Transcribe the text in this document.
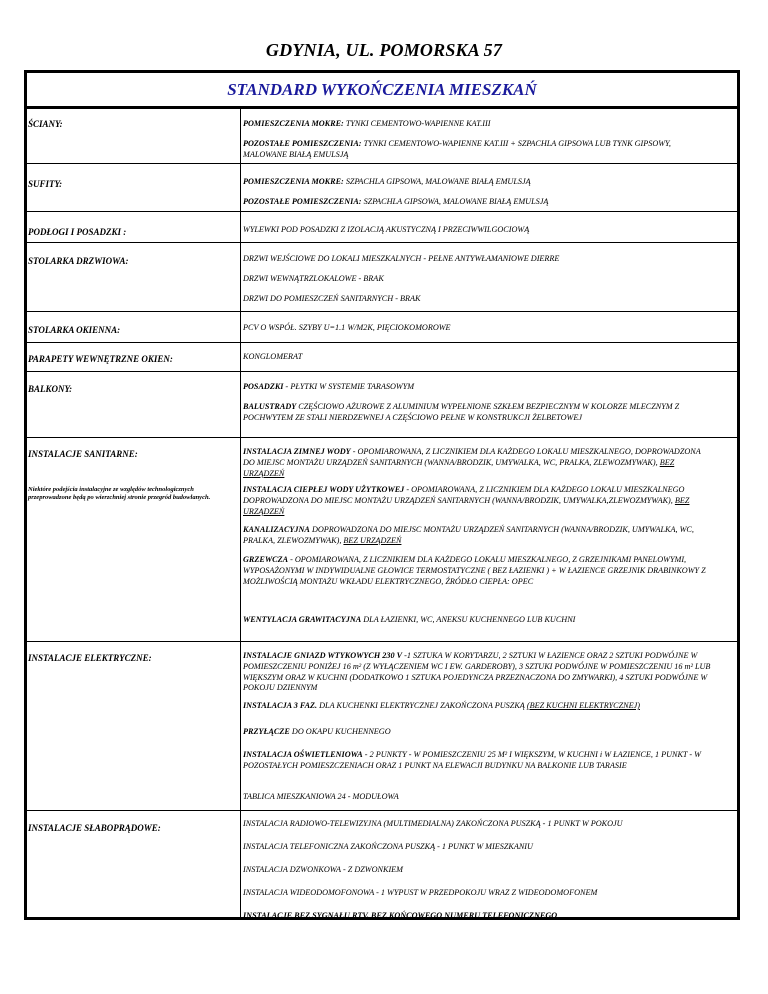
GDYNIA, UL. POMORSKA 57
STANDARD WYKOŃCZENIA MIESZKAŃ
ŚCIANY:	POMIESZCZENIA MOKRE: TYNKI CEMENTOWO-WAPIENNE KAT.III
POZOSTAŁE POMIESZCZENIA: TYNKI CEMENTOWO-WAPIENNE KAT.III + SZPACHLA GIPSOWA LUB TYNK GIPSOWY, MALOWANE BIAŁĄ EMULSJĄ
SUFITY:	POMIESZCZENIA MOKRE: SZPACHLA GIPSOWA, MALOWANE BIAŁĄ EMULSJĄ
POZOSTAŁE POMIESZCZENIA: SZPACHLA GIPSOWA, MALOWANE BIAŁĄ EMULSJĄ
PODŁOGI I POSADZKI :	WYLEWKI POD POSADZKI Z IZOLACJĄ AKUSTYCZNĄ I PRZECIWWILGOCIOWĄ
STOLARKA DRZWIOWA:	DRZWI WEJŚCIOWE DO LOKALI MIESZKALNYCH - PEŁNE ANTYWŁAMANIOWE DIERRE
DRZWI WEWNĄTRZLOKALOWE - BRAK
DRZWI DO POMIESZCZEŃ SANITARNYCH - BRAK
STOLARKA OKIENNA:	PCV O WSPÓŁ. SZYBY U=1.1 W/M2K, PIĘCIOKOMOROWE
PARAPETY WEWNĘTRZNE OKIEN:	KONGLOMERAT
BALKONY:	POSADZKI - PŁYTKI W SYSTEMIE TARASOWYM
BALUSTRADY CZĘŚCIOWO AŻUROWE Z ALUMINIUM WYPEŁNIONE SZKŁEM BEZPIECZNYM W KOLORZE MLECZNYM Z POCHWYTEM ZE STALI NIERDZEWNEJ A CZĘŚCIOWO PEŁNE W KONSTRUKCJI ŻELBETOWEJ
INSTALACJE SANITARNE:
Niektóre podejścia instalacyjne ze względów technologicznych przeprowadzone będą po wierzchniej stronie przegród budowlanych.
INSTALACJA ZIMNEJ WODY - OPOMIAROWANA, Z LICZNIKIEM DLA KAŻDEGO LOKALU MIESZKALNEGO, DOPROWADZONA DO MIEJSC MONTAŻU URZĄDZEŃ SANITARNYCH (WANNA/BRODZIK, UMYWALKA, WC, PRALKA, ZLEWOZMYWAK), BEZ URZĄDZEŃ
INSTALACJA CIEPŁEJ WODY UŻYTKOWEJ - OPOMIAROWANA, Z LICZNIKIEM DLA KAŻDEGO LOKALU MIESZKALNEGO DOPROWADZONA DO MIEJSC MONTAŻU URZĄDZEŃ SANITARNYCH (WANNA/BRODZIK, UMYWALKA,ZLEWOZMYWAK), BEZ URZĄDZEŃ
KANALIZACYJNA DOPROWADZONA DO MIEJSC MONTAŻU URZĄDZEŃ SANITARNYCH (WANNA/BRODZIK, UMYWALKA, WC, PRALKA, ZLEWOZMYWAK), BEZ URZĄDZEŃ
GRZEWCZA - OPOMIAROWANA, Z LICZNIKIEM DLA KAŻDEGO LOKALU MIESZKALNEGO, Z GRZEJNIKAMI PANELOWYMI, WYPOSAŻONYMI W INDYWIDUALNE GŁOWICE TERMOSTATYCZNE ( BEZ ŁAZIENKI ) + W ŁAZIENCE GRZEJNIK DRABINKOWY Z MOŻLIWOŚCIĄ MONTAŻU WKŁADU ELEKTRYCZNEGO, ŹRÓDŁO CIEPŁA: OPEC
WENTYLACJA GRAWITACYJNA DLA ŁAZIENKI, WC, ANEKSU KUCHENNEGO LUB KUCHNI
INSTALACJE ELEKTRYCZNE:	INSTALACJE GNIAZD WTYKOWYCH 230 V -1 SZTUKA W KORYTARZU, 2 SZTUKI W ŁAZIENCE ORAZ 2 SZTUKI PODWÓJNE W POMIESZCZENIU PONIŻEJ 16 m² (Z WYŁĄCZENIEM WC I EW. GARDEROBY), 3 SZTUKI PODWÓJNE W POMIESZCZENIU 16 m² LUB WIĘKSZYM ORAZ W KUCHNI (DODATKOWO 1 SZTUKA POJEDYNCZA PRZEZNACZONA DO ZMYWARKI), 4 SZTUKI PODWÓJNE W POKOJU DZIENNYM
INSTALACJA 3 FAZ. DLA KUCHENKI ELEKTRYCZNEJ ZAKOŃCZONA PUSZKĄ (BEZ KUCHNI ELEKTRYCZNEJ)
PRZYŁĄCZE DO OKAPU KUCHENNEGO
INSTALACJA OŚWIETLENIOWA - 2 PUNKTY - W POMIESZCZENIU 25 M² I WIĘKSZYM, W KUCHNI i W ŁAZIENCE, 1 PUNKT - W POZOSTAŁYCH POMIESZCZENIACH ORAZ 1 PUNKT NA ELEWACJI BUDYNKU NA BALKONIE LUB TARASIE
TABLICA MIESZKANIOWA 24 - MODUŁOWA
INSTALACJE SŁABOPRĄDOWE:	INSTALACJA RADIOWO-TELEWIZYJNA (MULTIMEDIALNA) ZAKOŃCZONA PUSZKĄ - 1 PUNKT W POKOJU
INSTALACJA TELEFONICZNA ZAKOŃCZONA PUSZKĄ - 1 PUNKT W MIESZKANIU
INSTALACJA DZWONKOWA - Z DZWONKIEM
INSTALACJA WIDEODOMOFONOWA - 1 WYPUST W PRZEDPOKOJU WRAZ Z WIDEODOMOFONEM
INSTALACJE BEZ SYGNAŁU RTV, BEZ KOŃCOWEGO NUMERU TELEFONICZNEGO
